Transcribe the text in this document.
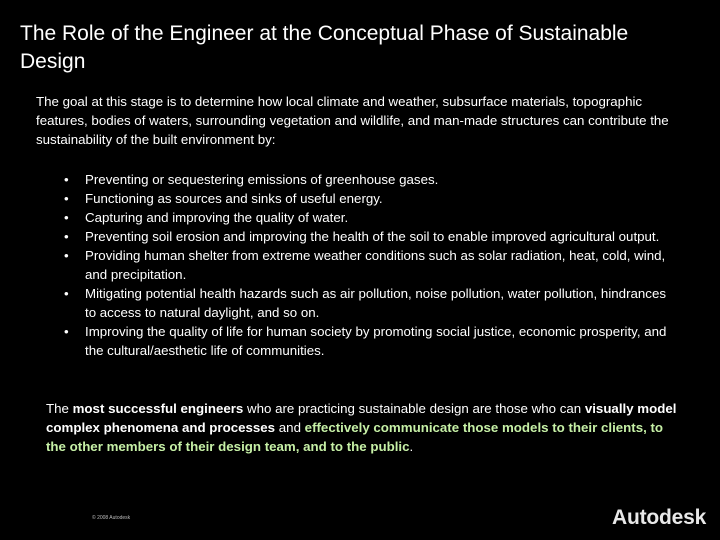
The Role of the Engineer at the Conceptual Phase of Sustainable Design

The goal at this stage is to determine how local climate and weather, subsurface materials, topographic features, bodies of waters, surrounding vegetation and wildlife, and man-made structures can contribute the sustainability of the built environment by:

• Preventing or sequestering emissions of greenhouse gases.
• Functioning as sources and sinks of useful energy.
• Capturing and improving the quality of water.
• Preventing soil erosion and improving the health of the soil to enable improved agricultural output.
• Providing human shelter from extreme weather conditions such as solar radiation, heat, cold, wind, and precipitation.
• Mitigating potential health hazards such as air pollution, noise pollution, water pollution, hindrances to access to natural daylight, and so on.
• Improving the quality of life for human society by promoting social justice, economic prosperity, and the cultural/aesthetic life of communities.

The most successful engineers who are practicing sustainable design are those who can visually model complex phenomena and processes and effectively communicate those models to their clients, to the other members of their design team, and to the public.

© 2008 Autodesk	Autodesk
